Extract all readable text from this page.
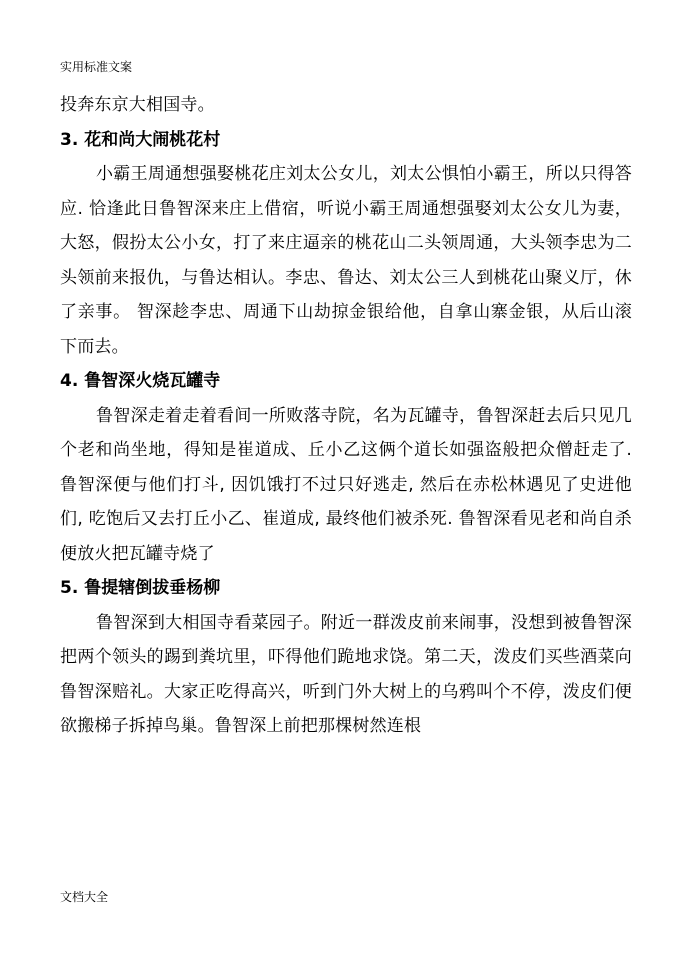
实用标准文案

投奔东京大相国寺。

3. 花和尚大闹桃花村

小霸王周通想强娶桃花庄刘太公女儿，刘太公惧怕小霸王，所以只得答应. 恰逢此日鲁智深来庄上借宿，听说小霸王周通想强娶刘太公女儿为妻，大怒，假扮太公小女，打了来庄逼亲的桃花山二头领周通，大头领李忠为二头领前来报仇，与鲁达相认。李忠、鲁达、刘太公三人到桃花山聚义厅，休了亲事。 智深趁李忠、周通下山劫掠金银给他，自拿山寨金银，从后山滚下而去。

4. 鲁智深火烧瓦罐寺

鲁智深走着走着看间一所败落寺院，名为瓦罐寺，鲁智深赶去后只见几个老和尚坐地，得知是崔道成、丘小乙这俩个道长如强盗般把众僧赶走了. 鲁智深便与他们打斗, 因饥饿打不过只好逃走, 然后在赤松林遇见了史进他们, 吃饱后又去打丘小乙、崔道成, 最终他们被杀死. 鲁智深看见老和尚自杀便放火把瓦罐寺烧了

5. 鲁提辖倒拔垂杨柳

鲁智深到大相国寺看菜园子。附近一群泼皮前来闹事，没想到被鲁智深把两个领头的踢到粪坑里，吓得他们跪地求饶。第二天，泼皮们买些酒菜向鲁智深赔礼。大家正吃得高兴，听到门外大树上的乌鸦叫个不停，泼皮们便欲搬梯子拆掉鸟巢。鲁智深上前把那棵树然连根

文档大全
